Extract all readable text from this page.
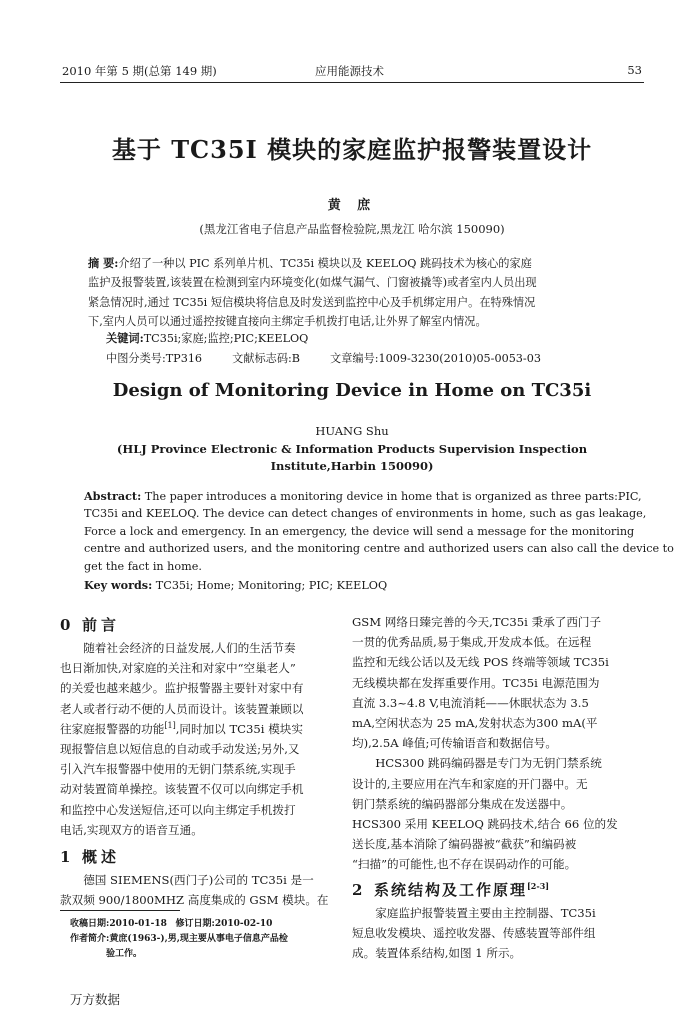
2010 年第 5 期(总第 149 期)	应用能源技术	53
基于 TC35I 模块的家庭监护报警装置设计
黄 庶
(黑龙江省电子信息产品监督检验院,黑龙江 哈尔滨 150090)
摘 要:介绍了一种以 PIC 系列单片机、TC35i 模块以及 KEELOQ 跳码技术为核心的家庭
监护及报警装置,该装置在检测到室内环境变化(如煤气漏气、门窗被撬等)或者室内人员出现
紧急情况时,通过 TC35i 短信模块将信息及时发送到监控中心及手机绑定用户。在特殊情况
下,室内人员可以通过遥控按键直接向主绑定手机拨打电话,让外界了解室内情况。
关键词:TC35i;家庭;监控;PIC;KEELOQ
中图分类号:TP316	文献标志码:B	文章编号:1009-3230(2010)05-0053-03
Design of Monitoring Device in Home on TC35i
HUANG Shu
(HLJ Province Electronic & Information Products Supervision Inspection
Institute,Harbin 150090)
Abstract: The paper introduces a monitoring device in home that is organized as three parts:PIC,
TC35i and KEELOQ. The device can detect changes of environments in home, such as gas leakage,
Force a lock and emergency. In an emergency, the device will send a message for the monitoring
centre and authorized users, and the monitoring centre and authorized users can also call the device to
get the fact in home.
Key words: TC35i; Home; Monitoring; PIC; KEELOQ
0 前言
随着社会经济的日益发展,人们的生活节奏
也日渐加快,对家庭的关注和对家中“空巢老人”
的关爱也越来越少。监护报警器主要针对家中有
老人或者行动不便的人员而设计。该装置兼顾以
往家庭报警器的功能[1],同时加以 TC35i 模块实
现报警信息以短信息的自动或手动发送;另外,又
引入汽车报警器中使用的无钥门禁系统,实现手
动对装置简单操控。该装置不仅可以向绑定手机
和监控中心发送短信,还可以向主绑定手机拨打
电话,实现双方的语音互通。
1 概述
德国 SIEMENS(西门子)公司的 TC35i 是一
款双频 900/1800MHZ 高度集成的 GSM 模块。在
GSM 网络日臻完善的今天,TC35i 秉承了西门子
一贯的优秀品质,易于集成,开发成本低。在远程
监控和无线公话以及无线 POS 终端等领域 TC35i
无线模块都在发挥重要作用。TC35i 电源范围为
直流 3.3~4.8 V,电流消耗——休眠状态为 3.5
mA,空闲状态为 25 mA,发射状态为300 mA(平
均),2.5A 峰值;可传输语音和数据信号。
HCS300 跳码编码器是专门为无钥门禁系统
设计的,主要应用在汽车和家庭的开门器中。无
钥门禁系统的编码器部分集成在发送器中。
HCS300 采用 KEELOQ 跳码技术,结合 66 位的发
送长度,基本消除了编码器被“截获”和编码被
“扫描”的可能性,也不存在误码动作的可能。
2 系统结构及工作原理[2-3]
家庭监护报警装置主要由主控制器、TC35i
短息收发模块、遥控收发器、传感装置等部件组
成。装置体系结构,如图 1 所示。
收稿日期:2010-01-18 修订日期:2010-02-10
作者简介:黄庶(1963-),男,现主要从事电子信息产品检
验工作。
万方数据
